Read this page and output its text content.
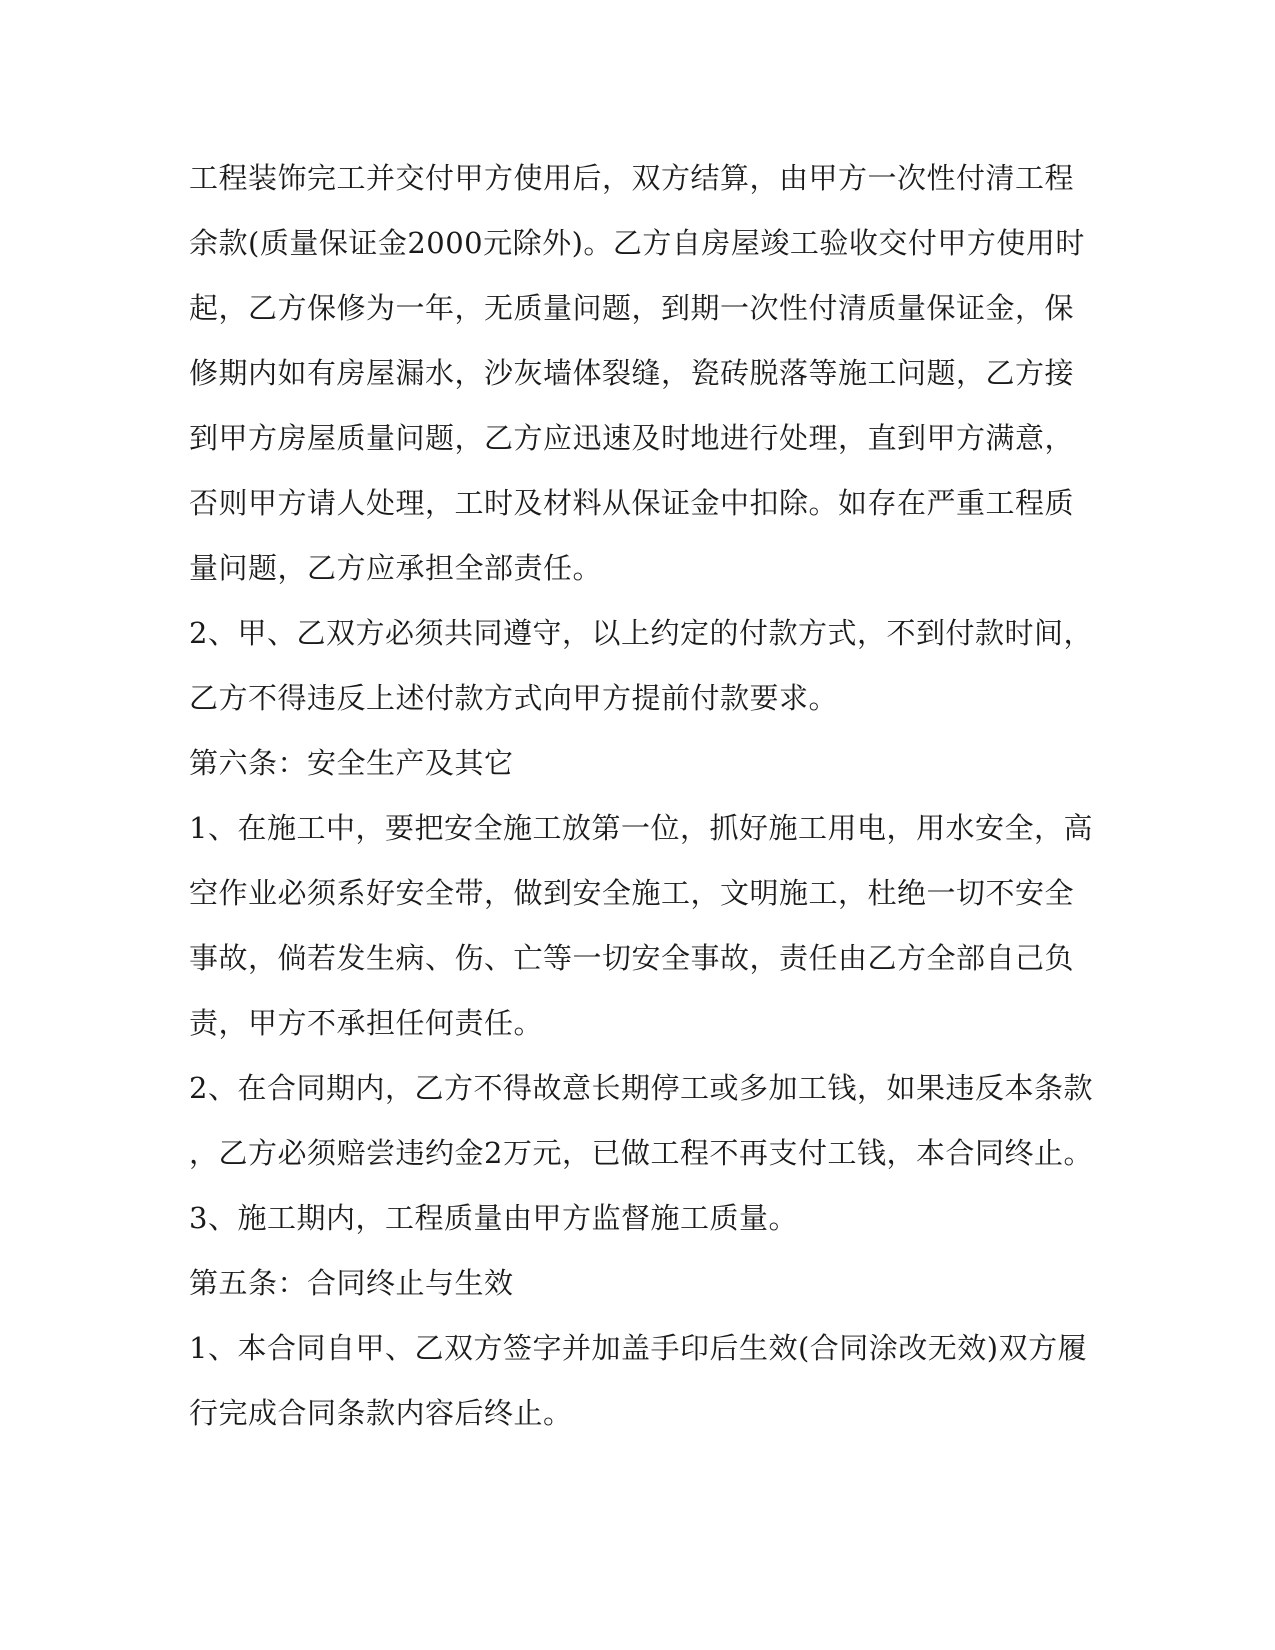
工程装饰完工并交付甲方使用后，双方结算，由甲方一次性付清工程
余款(质量保证金2000元除外)。乙方自房屋竣工验收交付甲方使用时
起，乙方保修为一年，无质量问题，到期一次性付清质量保证金，保
修期内如有房屋漏水，沙灰墙体裂缝，瓷砖脱落等施工问题，乙方接
到甲方房屋质量问题，乙方应迅速及时地进行处理，直到甲方满意，
否则甲方请人处理，工时及材料从保证金中扣除。如存在严重工程质
量问题，乙方应承担全部责任。
2、甲、乙双方必须共同遵守，以上约定的付款方式，不到付款时间，
乙方不得违反上述付款方式向甲方提前付款要求。
第六条：安全生产及其它
1、在施工中，要把安全施工放第一位，抓好施工用电，用水安全，高
空作业必须系好安全带，做到安全施工，文明施工，杜绝一切不安全
事故，倘若发生病、伤、亡等一切安全事故，责任由乙方全部自己负
责，甲方不承担任何责任。
2、在合同期内，乙方不得故意长期停工或多加工钱，如果违反本条款
，乙方必须赔尝违约金2万元，已做工程不再支付工钱，本合同终止。
3、施工期内，工程质量由甲方监督施工质量。
第五条：合同终止与生效
1、本合同自甲、乙双方签字并加盖手印后生效(合同涂改无效)双方履
行完成合同条款内容后终止。
